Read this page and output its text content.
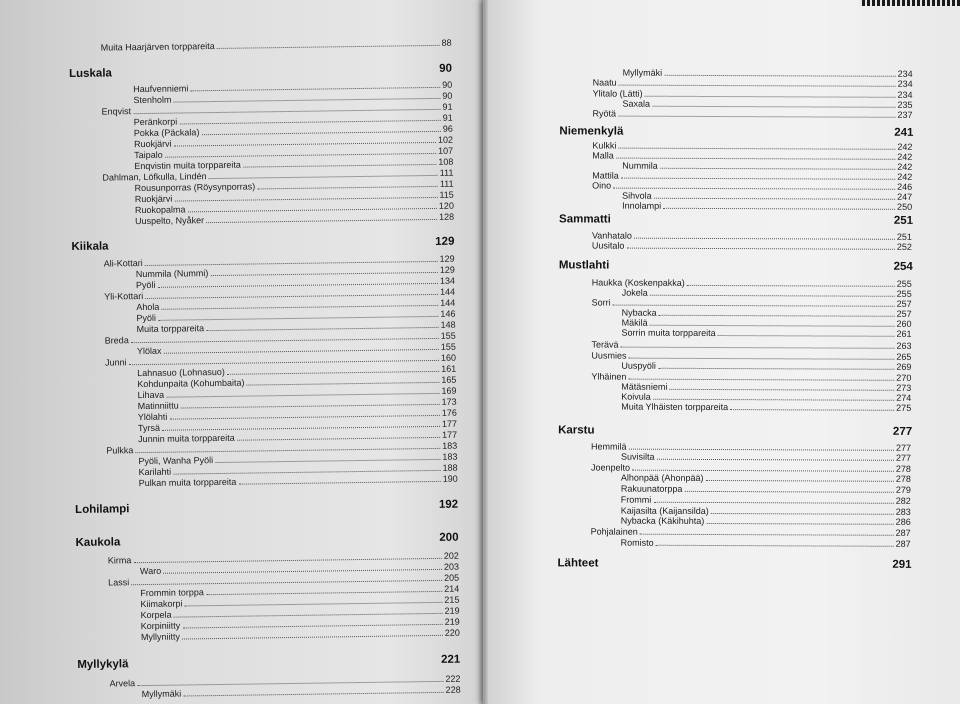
Muita Haarjärven torppareita	88
Luskala	90
Haufvenniemi	90
Stenholm	90
Enqvist	91
Peränkorpi	91
Pokka (Päckala)	96
Ruokjärvi	102
Taipalo	107
Enqvistin muita torppareita	108
Dahlman, Löfkulla, Lindén	111
Rousunporras (Röysynporras)	111
Ruokjärvi	115
Ruokopalma	120
Uuspelto, Nyåker	128
Kiikala	129
Ali-Kottari	129
Nummila (Nummi)	129
Pyöli	134
Yli-Kottari	144
Ahola	144
Pyöli	146
Muita torppareita	148
Breda	155
Ylölax	155
Junni	160
Lahnasuo (Lohnasuo)	161
Kohdunpaita (Kohumbaita)	165
Lihava	169
Matinniittu	173
Ylölahti	176
Tyrsä	177
Junnin muita torppareita	177
Pulkka	183
Pyöli, Wanha Pyöli	183
Karilahti	188
Pulkan muita torppareita	190
Lohilampi	192
Kaukola	200
Kirma	202
Waro	203
Lassi	205
Frommin torppa	214
Kiimakorpi	215
Korpela	219
Korpiniitty	219
Myllyniitty	220
Myllykylä	221
Arvela	222
Myllymäki	228
Myllymäki	234
Naatu	234
Ylitalo (Lätti)	234
Saxala	235
Ryötä	237
Niemenkylä	241
Kulkki	242
Malla	242
Nummila	242
Mattila	242
Oino	246
Sihvola	247
Innolampi	250
Sammatti	251
Vanhatalo	251
Uusitalo	252
Mustlahti	254
Haukka (Koskenpakka)	255
Jokela	255
Sorri	257
Nybacka	257
Mäkilä	260
Sorrin muita torppareita	261
Terävä	263
Uusmies	265
Uuspyöli	269
Ylhäinen	270
Mätäsniemi	273
Koivula	274
Muita Ylhäisten torppareita	275
Karstu	277
Hemmilä	277
Suvisilta	277
Joenpelto	278
Alhonpää (Ahonpää)	278
Rakuunatorppa	279
Frommi	282
Kaijasilta (Kaijansilda)	283
Nybacka (Käkihuhta)	286
Pohjalainen	287
Romisto	287
Lähteet	291
